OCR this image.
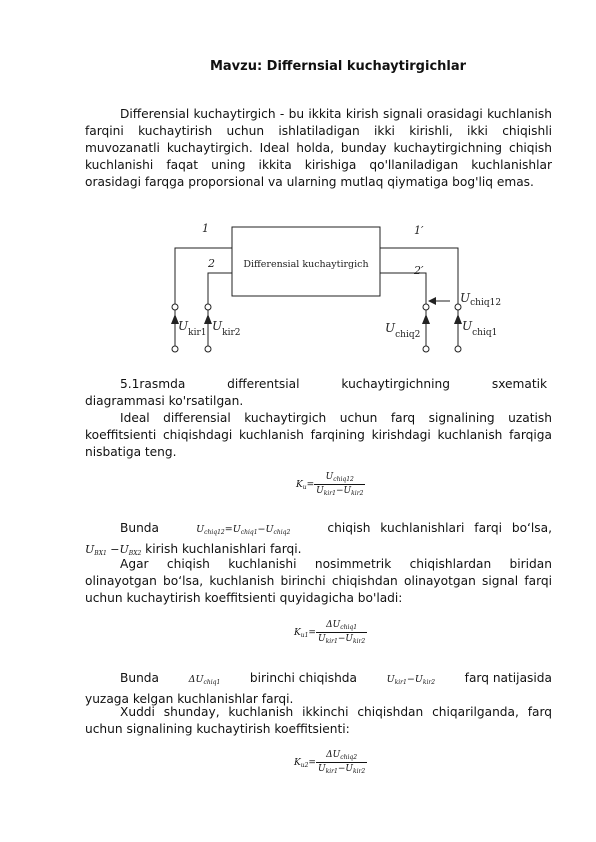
Mavzu: Differnsial kuchaytirgichlar

Differensial kuchaytirgich - bu ikkita kirish signali orasidagi kuchlanish farqini kuchaytirish uchun ishlatiladigan ikki kirishli, ikki chiqishli muvozanatli kuchaytirgich. Ideal holda, bunday kuchaytirgichning chiqish kuchlanishi faqat uning ikkita kirishiga qo'llaniladigan kuchlanishlar orasidagi farqga proporsional va ularning mutlaq qiymatiga bog'liq emas.

1
2
1′
2′
Differensial kuchaytirgich
$U_{kir1}$ $U_{kir2}$	$U_{chiq2}$
$U_{chiq1}$
$U_{chiq12}$
5.1rasmda differentsial kuchaytirgichning sxematik
diagrammasi ko'rsatilgan.

Ideal differensial kuchaytirgich uchun farq signalining uzatish koeffitsienti chiqishdagi kuchlanish farqining kirishdagi kuchlanish farqiga nisbatiga teng.

$K_u= \frac{U_{chiq12}}{U_{kir1}-U_{kir2}}$
Bunda	$U_{chiq12}=U_{chiq1}-U_{chiq2}$	chiqish kuchlanishlari farqi bo‘lsa,
$U_{BX1} -U_{BX2}$ kirish kuchlanishlari farqi.

Agar chiqish kuchlanishi nosimmetrik chiqishlardan biridan olinayotgan bo‘lsa, kuchlanish birinchi chiqishdan olinayotgan signal farqi uchun kuchaytirish koeffitsienti quyidagicha bo'ladi:

$K_{u1}= \frac{\Delta U_{chiq1}}{U_{kir1}-U_{kir2}}$
Bunda	$\Delta U_{chiq1}$ birinchi chiqishda	$U_{kir1}-U_{kir2}$ farq natijasida
yuzaga kelgan kuchlanishlar farqi.

Xuddi shunday, kuchlanish ikkinchi chiqishdan chiqarilganda, farq uchun signalining kuchaytirish koeffitsienti:

$K_{u2}= \frac{\Delta U_{chiq2}}{U_{kir1}-U_{kir2}}$
